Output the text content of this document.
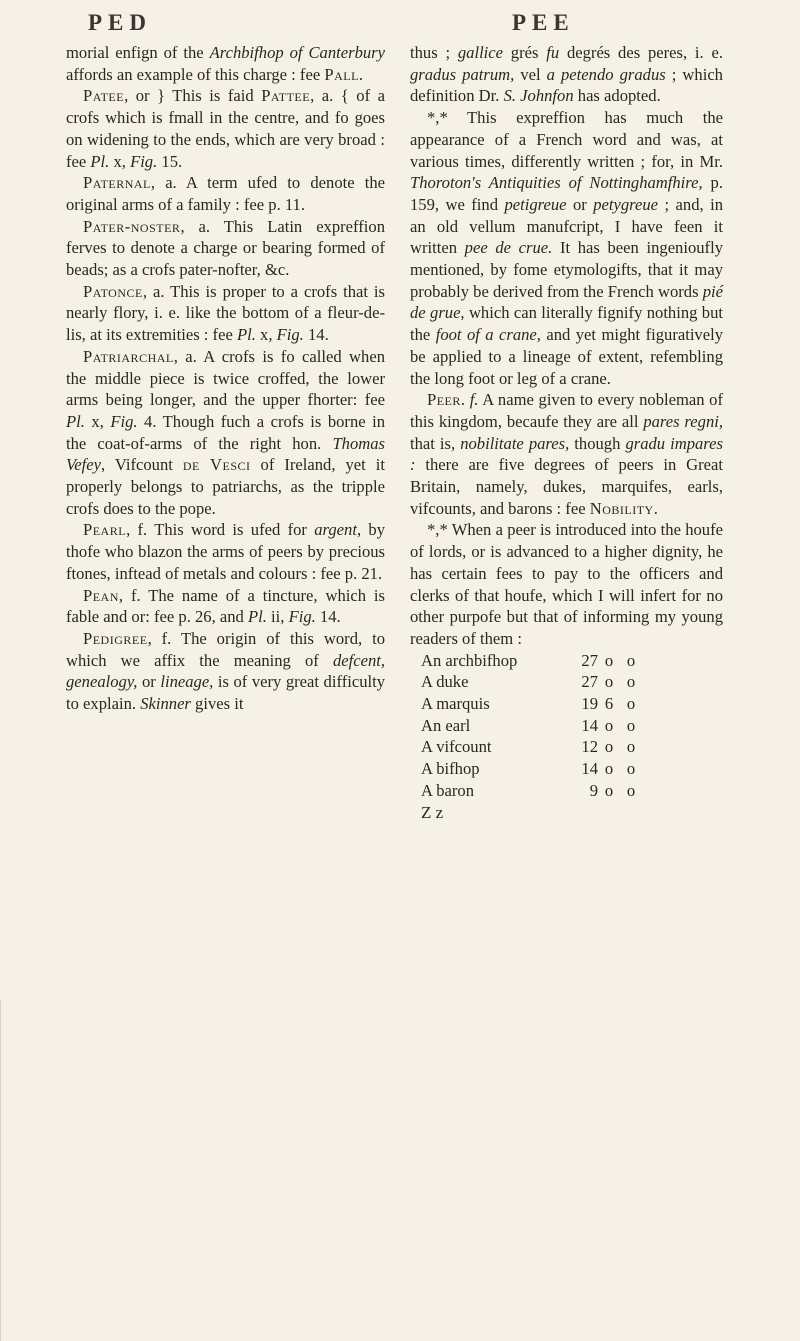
PED	PEE

morial enfign of the Archbifhop of Canterbury affords an example of this charge : fee Pall.

Patee, or } This is faid Pattee, a. { of a crofs which is fmall in the centre, and fo goes on widening to the ends, which are very broad : fee Pl. x, Fig. 15.

Paternal, a. A term ufed to denote the original arms of a family : fee p. 11.

Pater-noster, a. This Latin expreffion ferves to denote a charge or bearing formed of beads; as a crofs pater-nofter, &c.

Patonce, a. This is proper to a crofs that is nearly flory, i. e. like the bottom of a fleur-de-lis, at its extremities : fee Pl. x, Fig. 14.

Patriarchal, a. A crofs is fo called when the middle piece is twice croffed, the lower arms being longer, and the upper fhorter: fee Pl. x, Fig. 4. Though fuch a crofs is borne in the coat-of-arms of the right hon. Thomas Vefey, Vifcount de Vesci of Ireland, yet it properly belongs to patriarchs, as the tripple crofs does to the pope.

Pearl, f. This word is ufed for argent, by thofe who blazon the arms of peers by precious ftones, inftead of metals and colours : fee p. 21.

Pean, f. The name of a tincture, which is fable and or: fee p. 26, and Pl. ii, Fig. 14.

Pedigree, f. The origin of this word, to which we affix the meaning of defcent, genealogy, or lineage, is of very great difficulty to explain. Skinner gives it

thus ; gallice grés fu degrés des peres, i. e. gradus patrum, vel a petendo gradus ; which definition Dr. S. Johnfon has adopted.

*,* This expreffion has much the appearance of a French word and was, at various times, differently written ; for, in Mr. Thoroton's Antiquities of Nottinghamfhire, p. 159, we find petigreue or petygreue ; and, in an old vellum manufcript, I have feen it written pee de crue. It has been ingenioufly mentioned, by fome etymologifts, that it may probably be derived from the French words pié de grue, which can literally fignify nothing but the foot of a crane, and yet might figuratively be applied to a lineage of extent, refembling the long foot or leg of a crane.

Peer. f. A name given to every nobleman of this kingdom, becaufe they are all pares regni, that is, nobilitate pares, though gradu impares : there are five degrees of peers in Great Britain, namely, dukes, marquifes, earls, vifcounts, and barons : fee Nobility.

*,* When a peer is introduced into the houfe of lords, or is advanced to a higher dignity, he has certain fees to pay to the officers and clerks of that houfe, which I will infert for no other purpofe but that of informing my young readers of them :

An archbifhop	27 o o
A duke	27 o o
A marquis	19 6 o
An earl	14 o o
A vifcount	12 o o
A bifhop	14 o o
A baron	9 o o
Z z
